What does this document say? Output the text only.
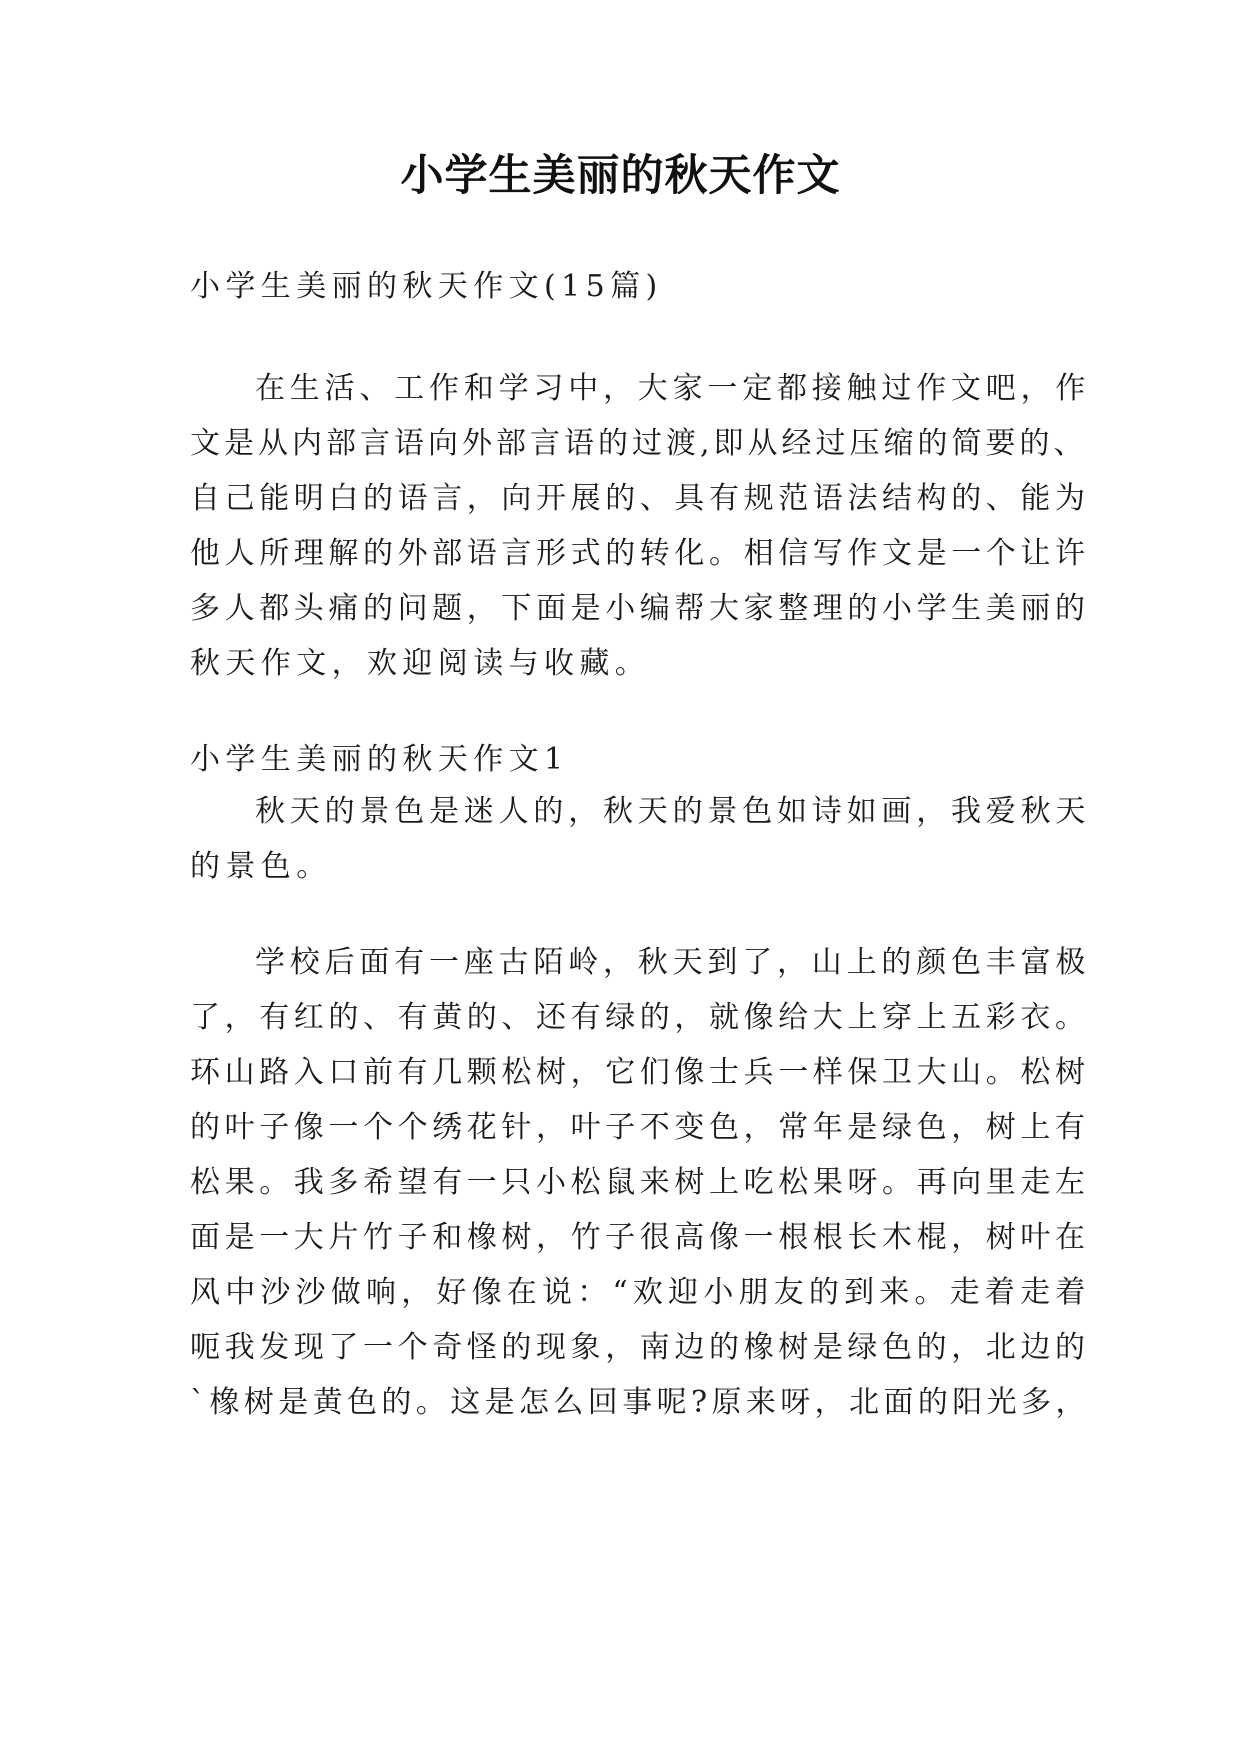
小学生美丽的秋天作文

小学生美丽的秋天作文(15篇)

在生活、工作和学习中，大家一定都接触过作文吧，作

文是从内部言语向外部言语的过渡,即从经过压缩的简要的、

自己能明白的语言，向开展的、具有规范语法结构的、能为

他人所理解的外部语言形式的转化。相信写作文是一个让许

多人都头痛的问题，下面是小编帮大家整理的小学生美丽的

秋天作文，欢迎阅读与收藏。

小学生美丽的秋天作文1

秋天的景色是迷人的，秋天的景色如诗如画，我爱秋天

的景色。

学校后面有一座古陌岭，秋天到了，山上的颜色丰富极

了，有红的、有黄的、还有绿的，就像给大上穿上五彩衣。

环山路入口前有几颗松树，它们像士兵一样保卫大山。松树

的叶子像一个个绣花针，叶子不变色，常年是绿色，树上有

松果。我多希望有一只小松鼠来树上吃松果呀。再向里走左

面是一大片竹子和橡树，竹子很高像一根根长木棍，树叶在

风中沙沙做响，好像在说：“欢迎小朋友的到来。走着走着

呃我发现了一个奇怪的现象，南边的橡树是绿色的，北边的

`橡树是黄色的。这是怎么回事呢?原来呀，北面的阳光多，
